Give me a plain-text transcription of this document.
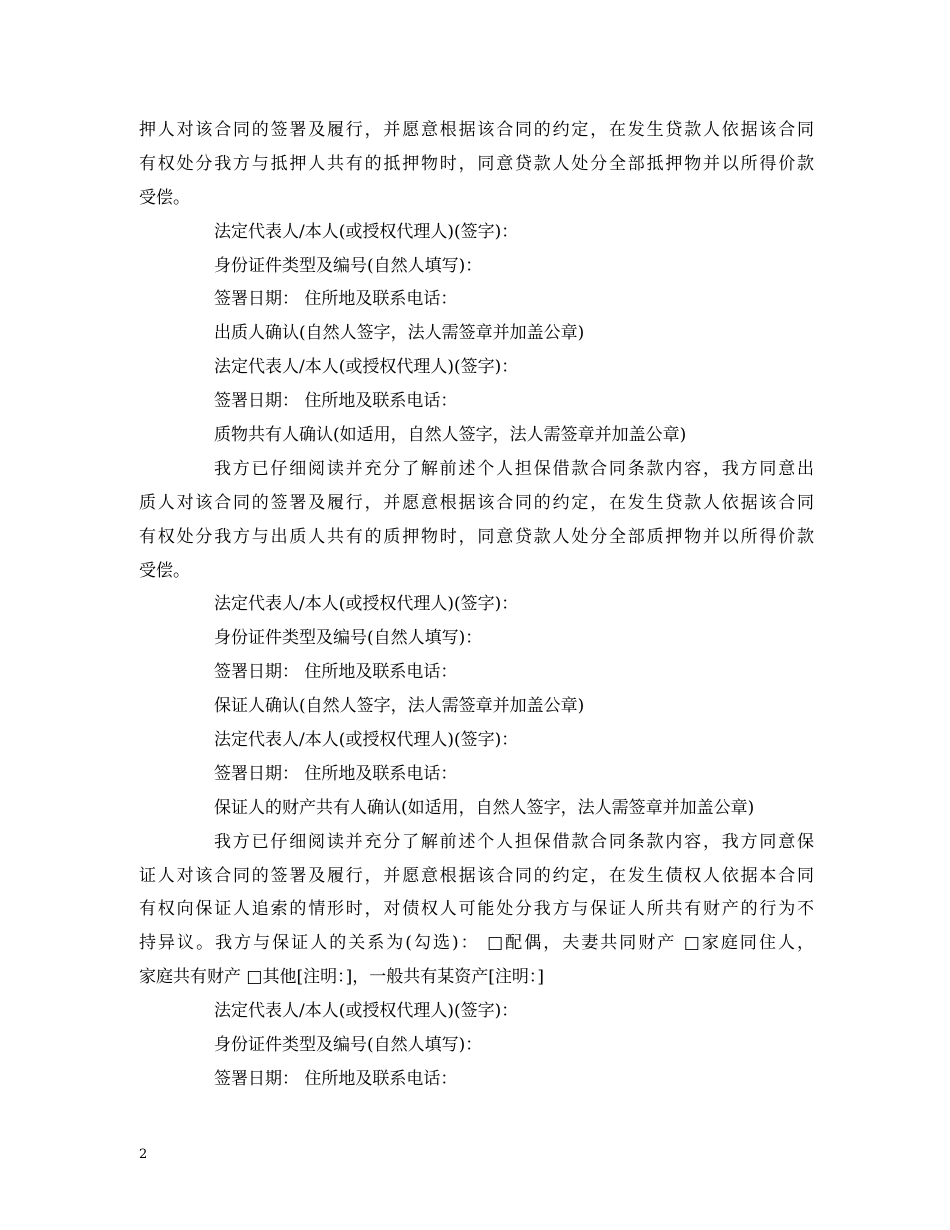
押人对该合同的签署及履行，并愿意根据该合同的约定，在发生贷款人依据该合同
有权处分我方与抵押人共有的抵押物时，同意贷款人处分全部抵押物并以所得价款
受偿。
法定代表人/本人(或授权代理人)(签字)：
身份证件类型及编号(自然人填写)：
签署日期： 住所地及联系电话：
出质人确认(自然人签字，法人需签章并加盖公章)
法定代表人/本人(或授权代理人)(签字)：
签署日期： 住所地及联系电话：
质物共有人确认(如适用，自然人签字，法人需签章并加盖公章)
我方已仔细阅读并充分了解前述个人担保借款合同条款内容，我方同意出
质人对该合同的签署及履行，并愿意根据该合同的约定，在发生贷款人依据该合同
有权处分我方与出质人共有的质押物时，同意贷款人处分全部质押物并以所得价款
受偿。
法定代表人/本人(或授权代理人)(签字)：
身份证件类型及编号(自然人填写)：
签署日期： 住所地及联系电话：
保证人确认(自然人签字，法人需签章并加盖公章)
法定代表人/本人(或授权代理人)(签字)：
签署日期： 住所地及联系电话：
保证人的财产共有人确认(如适用，自然人签字，法人需签章并加盖公章)
我方已仔细阅读并充分了解前述个人担保借款合同条款内容，我方同意保
证人对该合同的签署及履行，并愿意根据该合同的约定，在发生债权人依据本合同
有权向保证人追索的情形时，对债权人可能处分我方与保证人所共有财产的行为不
持异议。我方与保证人的关系为(勾选)： □配偶，夫妻共同财产 □家庭同住人，
家庭共有财产 □其他[注明：]，一般共有某资产[注明：]
法定代表人/本人(或授权代理人)(签字)：
身份证件类型及编号(自然人填写)：
签署日期： 住所地及联系电话：
2
